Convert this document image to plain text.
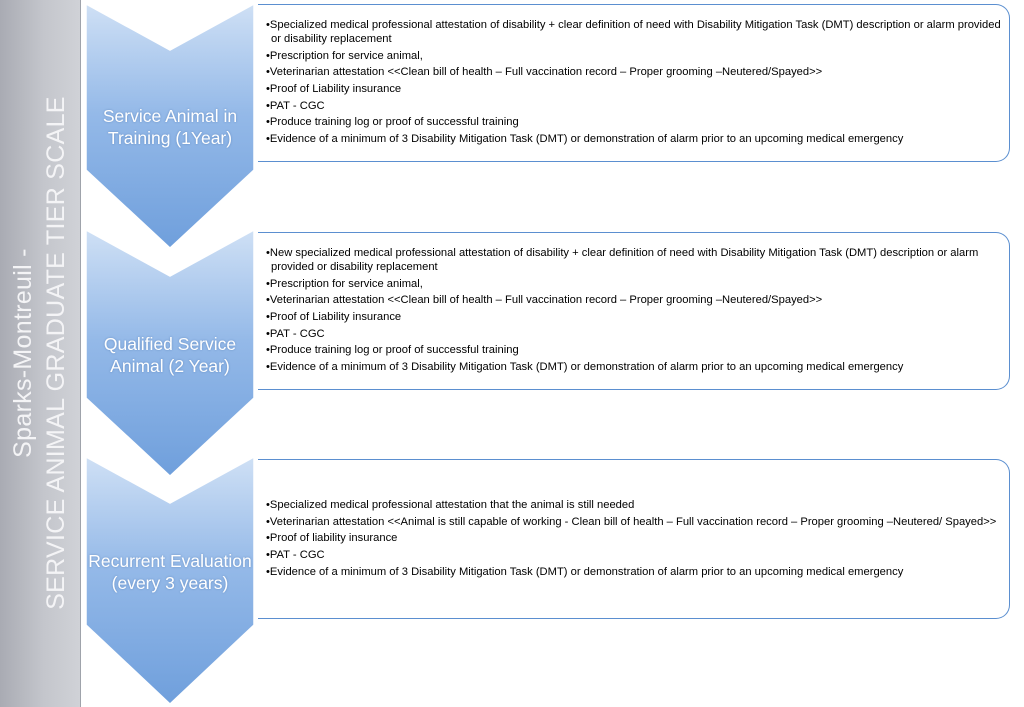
Sparks-Montreuil - SERVICE ANIMAL GRADUATE TIER SCALE	Service Animal in Training (1Year)
Qualified Service Animal (2 Year)
Recurrent Evaluation (every 3 years)
• Specialized medical professional attestation of disability + clear definition of need with Disability Mitigation Task (DMT) description or alarm provided or disability replacement
• Prescription for service animal,
• Veterinarian attestation <<Clean bill of health – Full vaccination record – Proper grooming –Neutered/Spayed>>
• Proof of Liability insurance
• PAT - CGC
• Produce training log or proof of successful training
• Evidence of a minimum of 3 Disability Mitigation Task (DMT) or demonstration of alarm prior to an upcoming medical emergency
• New specialized medical professional attestation of disability + clear definition of need with Disability Mitigation Task (DMT) description or alarm provided or disability replacement
• Prescription for service animal,
• Veterinarian attestation <<Clean bill of health – Full vaccination record – Proper grooming –Neutered/Spayed>>
• Proof of Liability insurance
• PAT - CGC
• Produce training log or proof of successful training
• Evidence of a minimum of 3 Disability Mitigation Task (DMT) or demonstration of alarm prior to an upcoming medical emergency
• Specialized medical professional attestation that the animal is still needed
• Veterinarian attestation <<Animal is still capable of working - Clean bill of health – Full vaccination record – Proper grooming –Neutered/ Spayed>>
• Proof of liability insurance
• PAT - CGC
• Evidence of a minimum of 3 Disability Mitigation Task (DMT) or demonstration of alarm prior to an upcoming medical emergency
